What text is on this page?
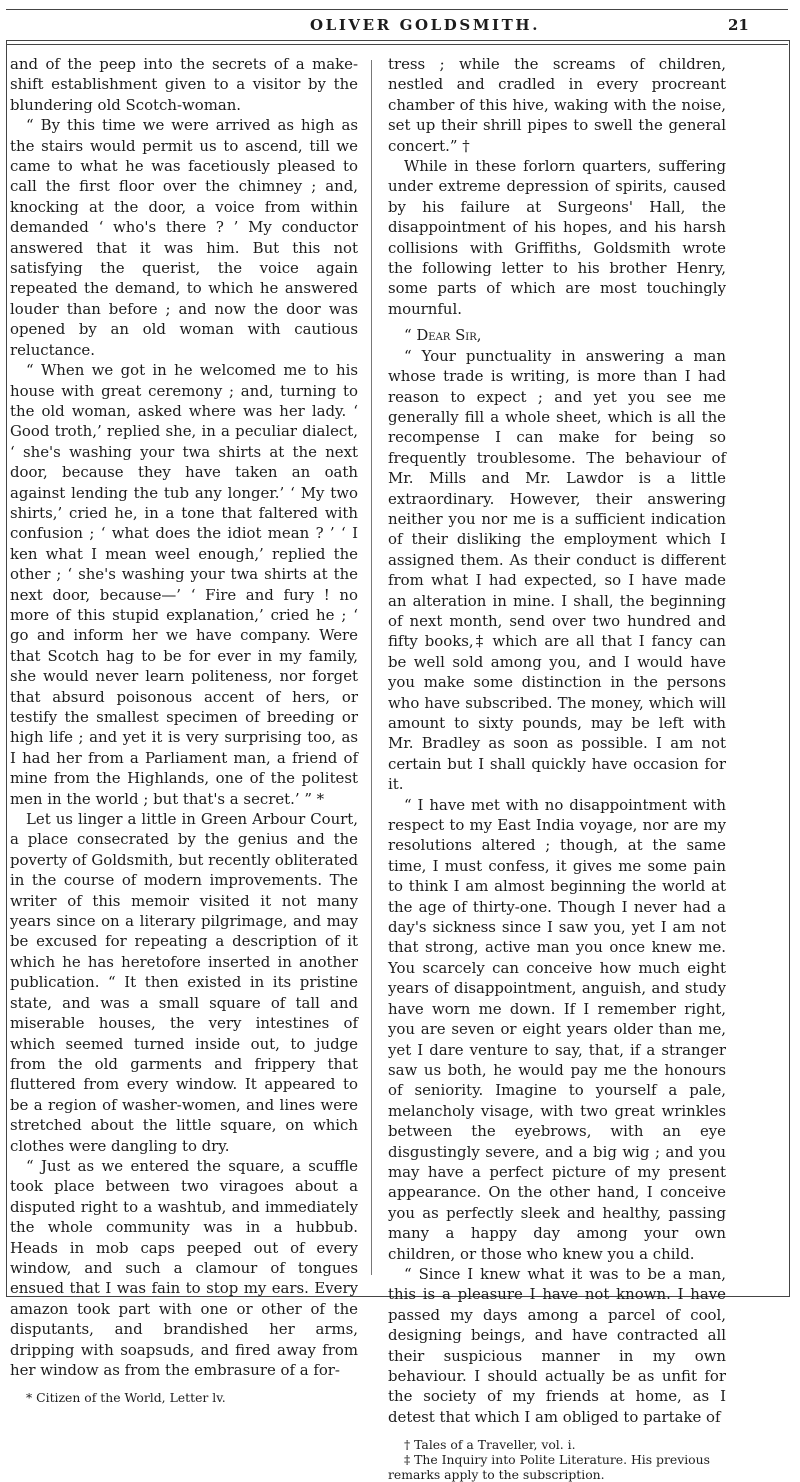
OLIVER GOLDSMITH.	21

and of the peep into the secrets of a make-shift establishment given to a visitor by the blundering old Scotch-woman.

“ By this time we were arrived as high as the stairs would permit us to ascend, till we came to what he was facetiously pleased to call the first floor over the chimney ; and, knocking at the door, a voice from within demanded ‘ who's there ? ’ My conductor answered that it was him. But this not satisfying the querist, the voice again repeated the demand, to which he answered louder than before ; and now the door was opened by an old woman with cautious reluctance.

“ When we got in he welcomed me to his house with great ceremony ; and, turning to the old woman, asked where was her lady. ‘ Good troth,’ replied she, in a peculiar dialect, ‘ she's washing your twa shirts at the next door, because they have taken an oath against lending the tub any longer.’ ‘ My two shirts,’ cried he, in a tone that faltered with confusion ; ‘ what does the idiot mean ? ’ ‘ I ken what I mean weel enough,’ replied the other ; ‘ she's washing your twa shirts at the next door, because—’ ‘ Fire and fury ! no more of this stupid explanation,’ cried he ; ‘ go and inform her we have company. Were that Scotch hag to be for ever in my family, she would never learn politeness, nor forget that absurd poisonous accent of hers, or testify the smallest specimen of breeding or high life ; and yet it is very surprising too, as I had her from a Parliament man, a friend of mine from the Highlands, one of the politest men in the world ; but that's a secret.’ ” *

Let us linger a little in Green Arbour Court, a place consecrated by the genius and the poverty of Goldsmith, but recently obliterated in the course of modern improvements. The writer of this memoir visited it not many years since on a literary pilgrimage, and may be excused for repeating a description of it which he has heretofore inserted in another publication. “ It then existed in its pristine state, and was a small square of tall and miserable houses, the very intestines of which seemed turned inside out, to judge from the old garments and frippery that fluttered from every window. It appeared to be a region of washer-women, and lines were stretched about the little square, on which clothes were dangling to dry.

“ Just as we entered the square, a scuffle took place between two viragoes about a disputed right to a washtub, and immediately the whole community was in a hubbub. Heads in mob caps peeped out of every window, and such a clamour of tongues ensued that I was fain to stop my ears. Every amazon took part with one or other of the disputants, and brandished her arms, dripping with soapsuds, and fired away from her window as from the embrasure of a for-

* Citizen of the World, Letter lv.

tress ; while the screams of children, nestled and cradled in every procreant chamber of this hive, waking with the noise, set up their shrill pipes to swell the general concert.” †

While in these forlorn quarters, suffering under extreme depression of spirits, caused by his failure at Surgeons' Hall, the disappointment of his hopes, and his harsh collisions with Griffiths, Goldsmith wrote the following letter to his brother Henry, some parts of which are most touchingly mournful.

“ Dear Sir,

“ Your punctuality in answering a man whose trade is writing, is more than I had reason to expect ; and yet you see me generally fill a whole sheet, which is all the recompense I can make for being so frequently troublesome. The behaviour of Mr. Mills and Mr. Lawdor is a little extraordinary. However, their answering neither you nor me is a sufficient indication of their disliking the employment which I assigned them. As their conduct is different from what I had expected, so I have made an alteration in mine. I shall, the beginning of next month, send over two hundred and fifty books,‡ which are all that I fancy can be well sold among you, and I would have you make some distinction in the persons who have subscribed. The money, which will amount to sixty pounds, may be left with Mr. Bradley as soon as possible. I am not certain but I shall quickly have occasion for it.

“ I have met with no disappointment with respect to my East India voyage, nor are my resolutions altered ; though, at the same time, I must confess, it gives me some pain to think I am almost beginning the world at the age of thirty-one. Though I never had a day's sickness since I saw you, yet I am not that strong, active man you once knew me. You scarcely can conceive how much eight years of disappointment, anguish, and study have worn me down. If I remember right, you are seven or eight years older than me, yet I dare venture to say, that, if a stranger saw us both, he would pay me the honours of seniority. Imagine to yourself a pale, melancholy visage, with two great wrinkles between the eyebrows, with an eye disgustingly severe, and a big wig ; and you may have a perfect picture of my present appearance. On the other hand, I conceive you as perfectly sleek and healthy, passing many a happy day among your own children, or those who knew you a child.

“ Since I knew what it was to be a man, this is a pleasure I have not known. I have passed my days among a parcel of cool, designing beings, and have contracted all their suspicious manner in my own behaviour. I should actually be as unfit for the society of my friends at home, as I detest that which I am obliged to partake of

† Tales of a Traveller, vol. i.

‡ The Inquiry into Polite Literature. His previous remarks apply to the subscription.
